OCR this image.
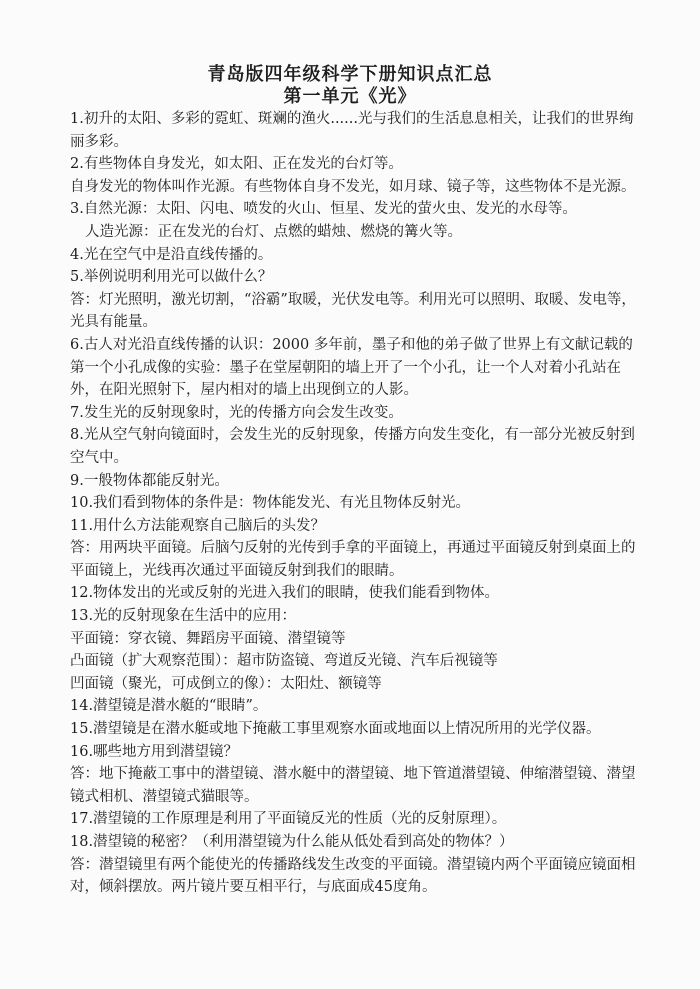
青岛版四年级科学下册知识点汇总
第一单元《光》

1.初升的太阳、多彩的霓虹、斑斓的渔火......光与我们的生活息息相关，让我们的世界绚丽多彩。

2.有些物体自身发光，如太阳、正在发光的台灯等。

自身发光的物体叫作光源。有些物体自身不发光，如月球、镜子等，这些物体不是光源。

3.自然光源：太阳、闪电、喷发的火山、恒星、发光的萤火虫、发光的水母等。

人造光源：正在发光的台灯、点燃的蜡烛、燃烧的篝火等。

4.光在空气中是沿直线传播的。

5.举例说明利用光可以做什么？

答：灯光照明，激光切割，“浴霸”取暖，光伏发电等。利用光可以照明、取暖、发电等，光具有能量。

6.古人对光沿直线传播的认识：2000 多年前，墨子和他的弟子做了世界上有文献记载的第一个小孔成像的实验：墨子在堂屋朝阳的墙上开了一个小孔，让一个人对着小孔站在外，在阳光照射下，屋内相对的墙上出现倒立的人影。

7.发生光的反射现象时，光的传播方向会发生改变。

8.光从空气射向镜面时，会发生光的反射现象，传播方向发生变化，有一部分光被反射到空气中。

9.一般物体都能反射光。

10.我们看到物体的条件是：物体能发光、有光且物体反射光。

11.用什么方法能观察自己脑后的头发？

答：用两块平面镜。后脑勺反射的光传到手拿的平面镜上，再通过平面镜反射到桌面上的平面镜上，光线再次通过平面镜反射到我们的眼睛。

12.物体发出的光或反射的光进入我们的眼睛，使我们能看到物体。

13.光的反射现象在生活中的应用：

平面镜：穿衣镜、舞蹈房平面镜、潜望镜等

凸面镜（扩大观察范围）：超市防盗镜、弯道反光镜、汽车后视镜等

凹面镜（聚光，可成倒立的像）：太阳灶、额镜等

14.潜望镜是潜水艇的“眼睛”。

15.潜望镜是在潜水艇或地下掩蔽工事里观察水面或地面以上情况所用的光学仪器。

16.哪些地方用到潜望镜？

答：地下掩蔽工事中的潜望镜、潜水艇中的潜望镜、地下管道潜望镜、伸缩潜望镜、潜望镜式相机、潜望镜式猫眼等。

17.潜望镜的工作原理是利用了平面镜反光的性质（光的反射原理）。

18.潜望镜的秘密？（利用潜望镜为什么能从低处看到高处的物体？）

答：潜望镜里有两个能使光的传播路线发生改变的平面镜。潜望镜内两个平面镜应镜面相对，倾斜摆放。两片镜片要互相平行，与底面成45度角。
